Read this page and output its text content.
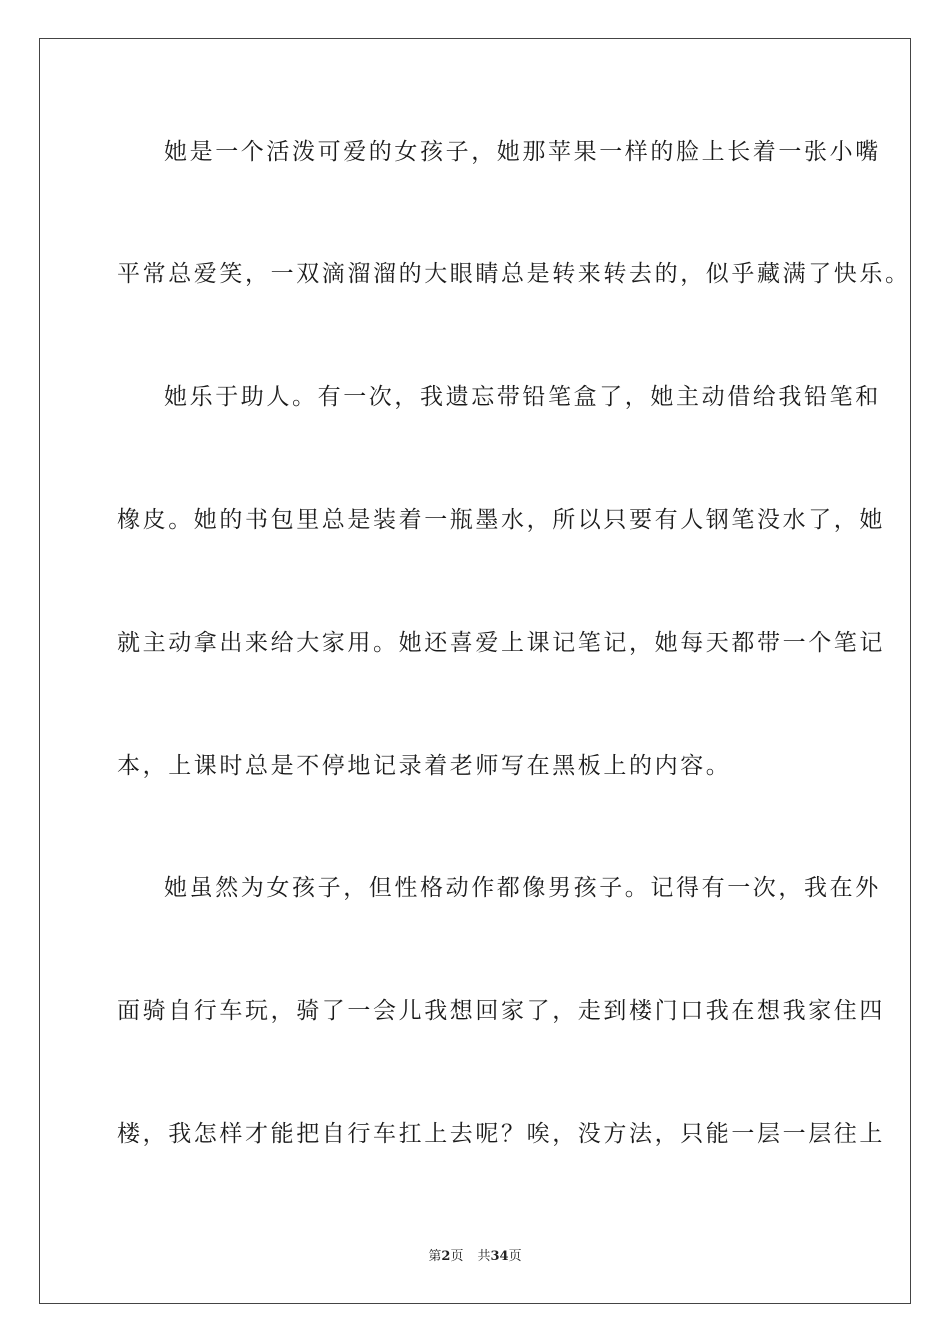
她是一个活泼可爱的女孩子，她那苹果一样的脸上长着一张小嘴
平常总爱笑，一双滴溜溜的大眼睛总是转来转去的，似乎藏满了快乐。
她乐于助人。有一次，我遗忘带铅笔盒了，她主动借给我铅笔和
橡皮。她的书包里总是装着一瓶墨水，所以只要有人钢笔没水了，她
就主动拿出来给大家用。她还喜爱上课记笔记，她每天都带一个笔记
本，上课时总是不停地记录着老师写在黑板上的内容。
她虽然为女孩子，但性格动作都像男孩子。记得有一次，我在外
面骑自行车玩，骑了一会儿我想回家了，走到楼门口我在想我家住四
楼，我怎样才能把自行车扛上去呢？唉，没方法，只能一层一层往上
第2页 共34页
